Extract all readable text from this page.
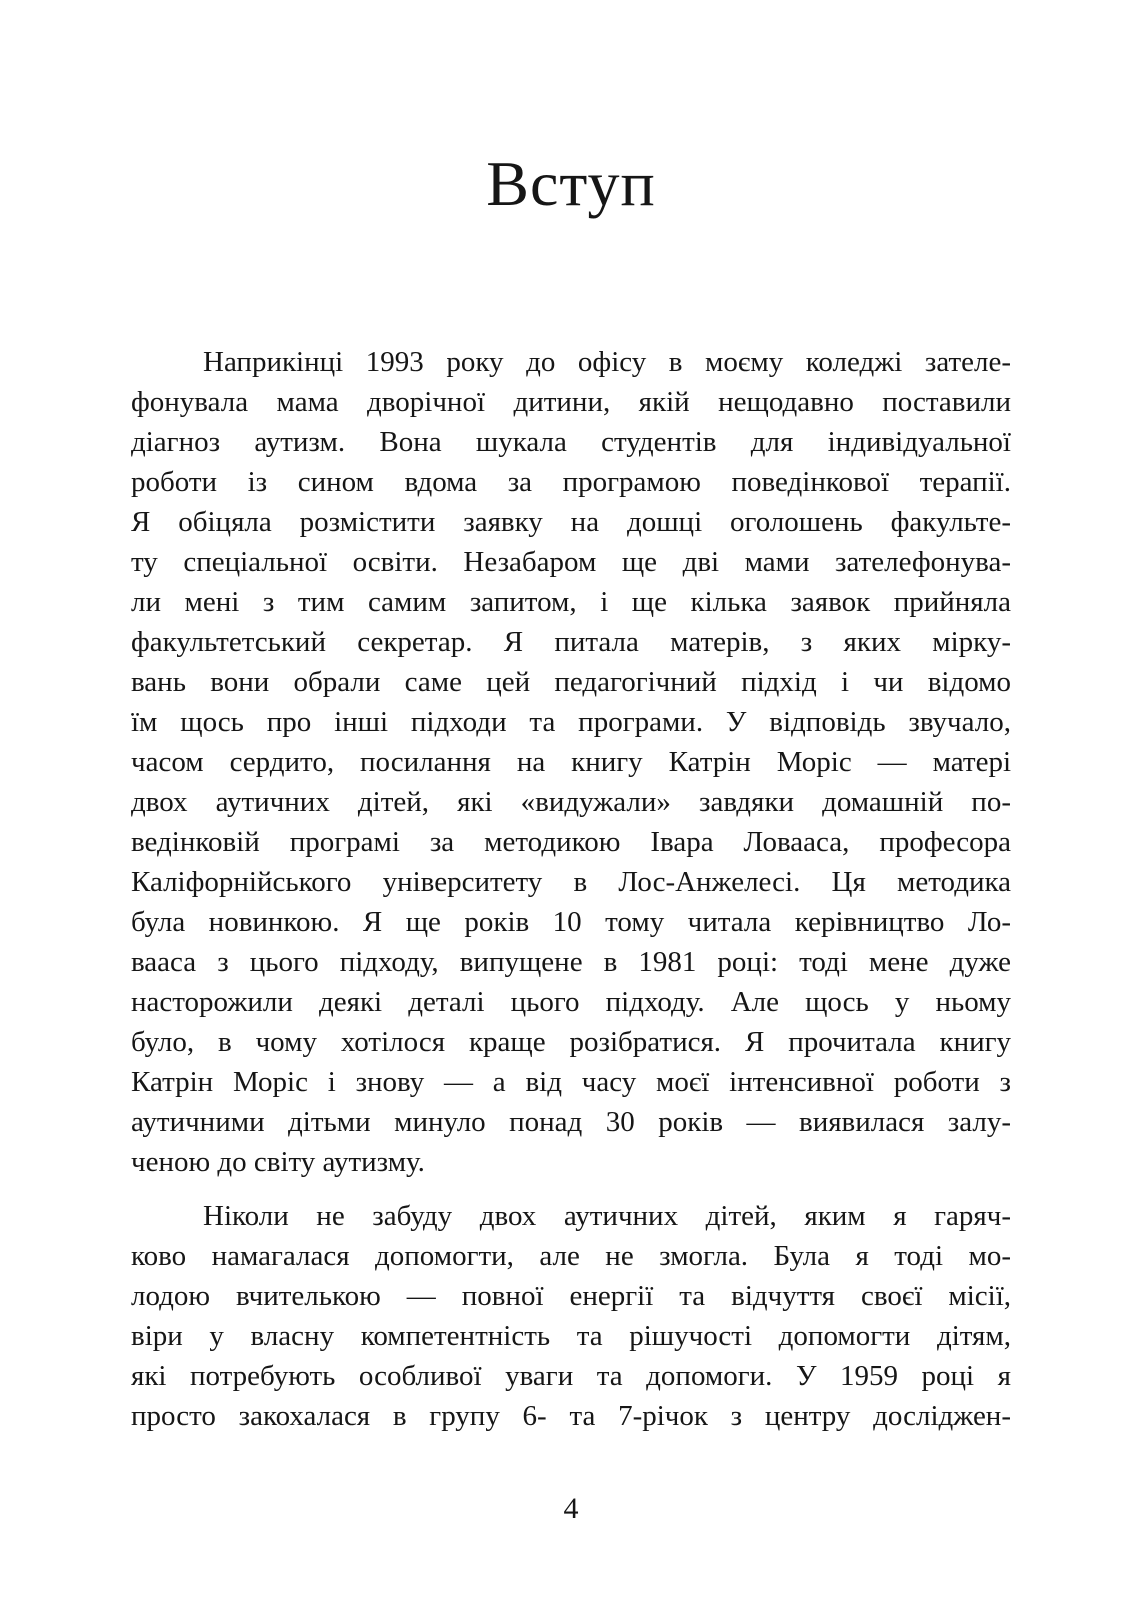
Вступ
Наприкінці 1993 року до офісу в моєму коледжі зателе-
фонувала мама дворічної дитини, якій нещодавно поставили
діагноз аутизм. Вона шукала студентів для індивідуальної
роботи із сином вдома за програмою поведінкової терапії.
Я обіцяла розмістити заявку на дошці оголошень факульте-
ту спеціальної освіти. Незабаром ще дві мами зателефонува-
ли мені з тим самим запитом, і ще кілька заявок прийняла
факультетський секретар. Я питала матерів, з яких мірку-
вань вони обрали саме цей педагогічний підхід і чи відомо
їм щось про інші підходи та програми. У відповідь звучало,
часом сердито, посилання на книгу Катрін Моріс — матері
двох аутичних дітей, які «видужали» завдяки домашній по-
ведінковій програмі за методикою Івара Ловааса, професора
Каліфорнійського університету в Лос-Анжелесі. Ця методика
була новинкою. Я ще років 10 тому читала керівництво Ло-
вааса з цього підходу, випущене в 1981 році: тоді мене дуже
насторожили деякі деталі цього підходу. Але щось у ньому
було, в чому хотілося краще розібратися. Я прочитала книгу
Катрін Моріс і знову — а від часу моєї інтенсивної роботи з
аутичними дітьми минуло понад 30 років — виявилася залу-
ченою до світу аутизму.
Ніколи не забуду двох аутичних дітей, яким я гаряч-
ково намагалася допомогти, але не змогла. Була я тоді мо-
лодою вчителькою — повної енергії та відчуття своєї місії,
віри у власну компетентність та рішучості допомогти дітям,
які потребують особливої уваги та допомоги. У 1959 році я
просто закохалася в групу 6- та 7-річок з центру досліджен-
4
